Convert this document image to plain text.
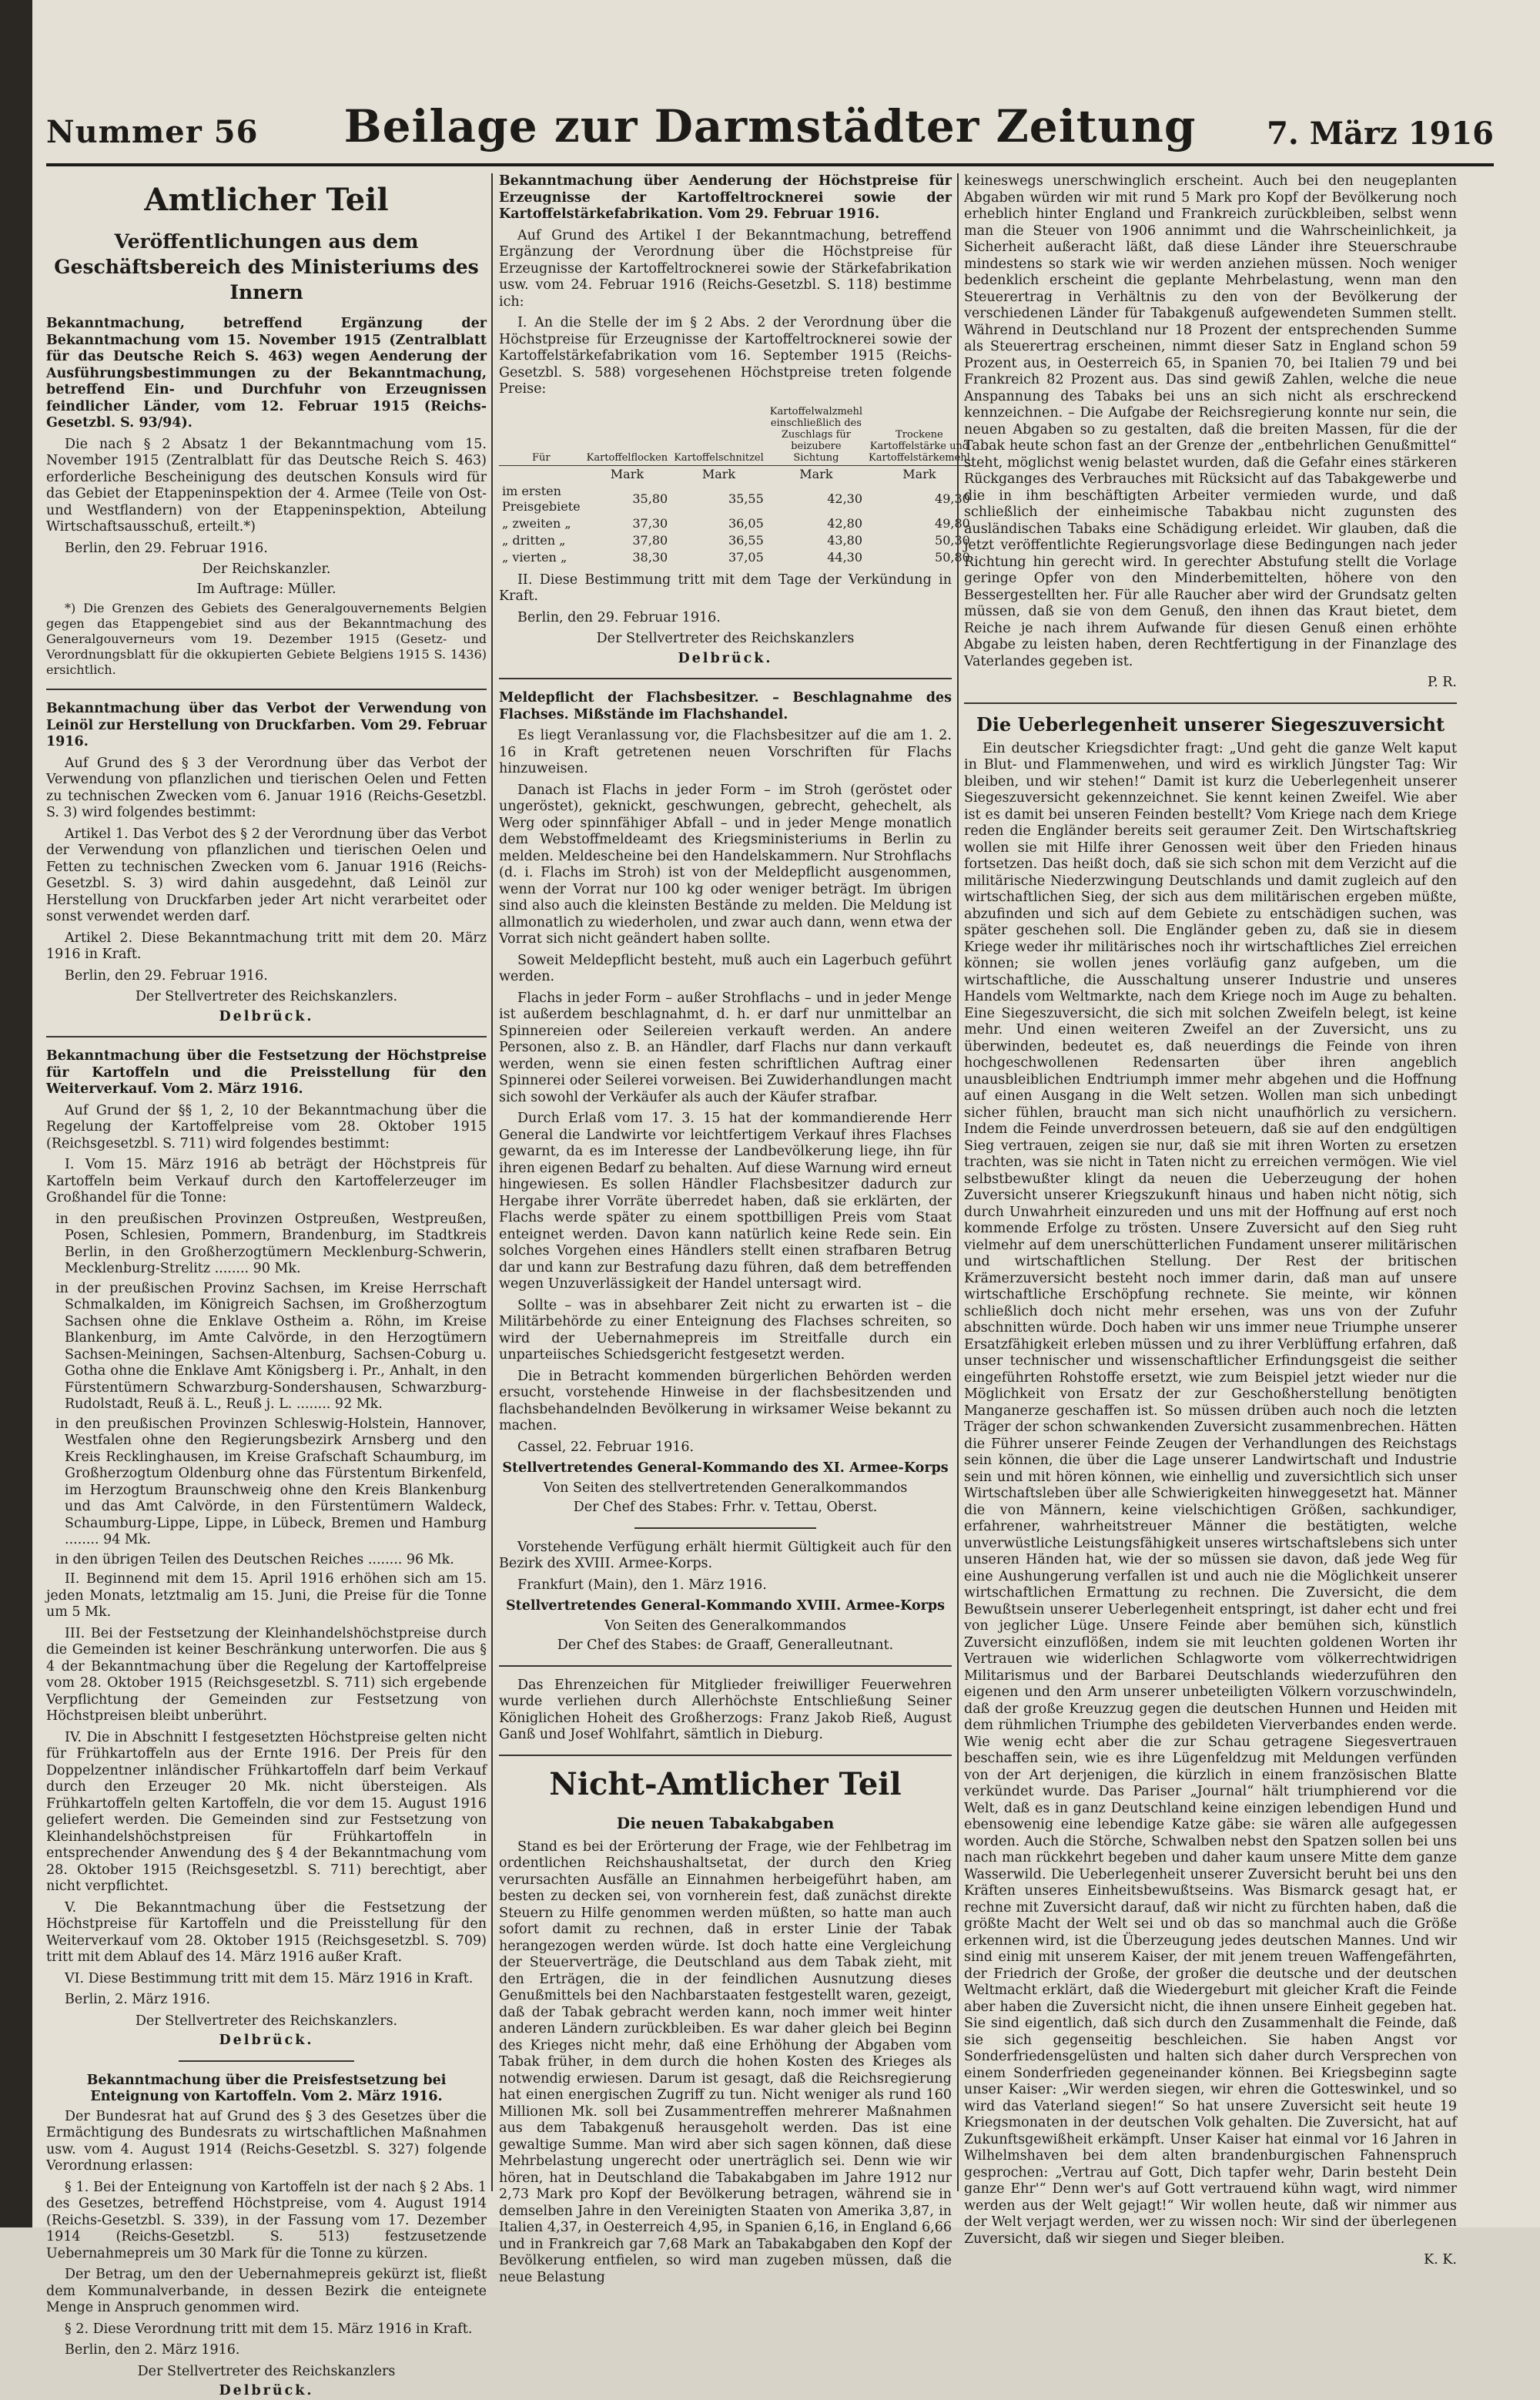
Nummer 56	Beilage zur Darmstädter Zeitung	7. März 1916
Amtlicher Teil
Veröffentlichungen aus dem Geschäftsbereich des Ministeriums des Innern
Bekanntmachung, betreffend Ergänzung der Bekanntmachung vom 15. November 1915 (Zentralblatt für das Deutsche Reich S. 463) wegen Aenderung der Ausführungsbestimmungen zu der Bekanntmachung, betreffend Ein- und Durchfuhr von Erzeugnissen feindlicher Länder, vom 12. Februar 1915 (Reichs-Gesetzbl. S. 93/94).
Die nach § 2 Absatz 1 der Bekanntmachung vom 15. November 1915 (Zentralblatt für das Deutsche Reich S. 463) erforderliche Bescheinigung des deutschen Konsuls wird für das Gebiet der Etappeninspektion der 4. Armee (Teile von Ost- und Westflandern) von der Etappeninspektion, Abteilung Wirtschaftsausschuß, erteilt.*)
Berlin, den 29. Februar 1916.
Der Reichskanzler.
Im Auftrage: Müller.
*) Die Grenzen des Gebiets des Generalgouvernements Belgien gegen das Etappengebiet sind aus der Bekanntmachung des Generalgouverneurs vom 19. Dezember 1915 (Gesetz- und Verordnungsblatt für die okkupierten Gebiete Belgiens 1915 S. 1436) ersichtlich.
Bekanntmachung über das Verbot der Verwendung von Leinöl zur Herstellung von Druckfarben. Vom 29. Februar 1916.
Auf Grund des § 3 der Verordnung über das Verbot der Verwendung von pflanzlichen und tierischen Oelen und Fetten zu technischen Zwecken vom 6. Januar 1916 (Reichs-Gesetzbl. S. 3) wird folgendes bestimmt:
Artikel 1. Das Verbot des § 2 der Verordnung über das Verbot der Verwendung von pflanzlichen und tierischen Oelen und Fetten zu technischen Zwecken vom 6. Januar 1916 (Reichs-Gesetzbl. S. 3) wird dahin ausgedehnt, daß Leinöl zur Herstellung von Druckfarben jeder Art nicht verarbeitet oder sonst verwendet werden darf.
Artikel 2. Diese Bekanntmachung tritt mit dem 20. März 1916 in Kraft.
Berlin, den 29. Februar 1916.
Der Stellvertreter des Reichskanzlers.
Delbrück.
Bekanntmachung über die Festsetzung der Höchstpreise für Kartoffeln und die Preisstellung für den Weiterverkauf. Vom 2. März 1916.
Auf Grund der §§ 1, 2, 10 der Bekanntmachung über die Regelung der Kartoffelpreise vom 28. Oktober 1915 (Reichsgesetzbl. S. 711) wird folgendes bestimmt:
I. Vom 15. März 1916 ab beträgt der Höchstpreis für Kartoffeln beim Verkauf durch den Kartoffelerzeuger im Großhandel für die Tonne:
in den preußischen Provinzen Ostpreußen, Westpreußen, Posen, Schlesien, Pommern, Brandenburg, im Stadtkreis Berlin, in den Großherzogtümern Mecklenburg-Schwerin, Mecklenburg-Strelitz ........ 90 Mk.
in der preußischen Provinz Sachsen, im Kreise Herrschaft Schmalkalden, im Königreich Sachsen, im Großherzogtum Sachsen ohne die Enklave Ostheim a. Röhn, im Kreise Blankenburg, im Amte Calvörde, in den Herzogtümern Sachsen-Meiningen, Sachsen-Altenburg, Sachsen-Coburg u. Gotha ohne die Enklave Amt Königsberg i. Pr., Anhalt, in den Fürstentümern Schwarzburg-Sondershausen, Schwarzburg-Rudolstadt, Reuß ä. L., Reuß j. L. ........ 92 Mk.
in den preußischen Provinzen Schleswig-Holstein, Hannover, Westfalen ohne den Regierungsbezirk Arnsberg und den Kreis Recklinghausen, im Kreise Grafschaft Schaumburg, im Großherzogtum Oldenburg ohne das Fürstentum Birkenfeld, im Herzogtum Braunschweig ohne den Kreis Blankenburg und das Amt Calvörde, in den Fürstentümern Waldeck, Schaumburg-Lippe, Lippe, in Lübeck, Bremen und Hamburg ........ 94 Mk.
in den übrigen Teilen des Deutschen Reiches ........ 96 Mk.
II. Beginnend mit dem 15. April 1916 erhöhen sich am 15. jeden Monats, letztmalig am 15. Juni, die Preise für die Tonne um 5 Mk.
III. Bei der Festsetzung der Kleinhandelshöchstpreise durch die Gemeinden ist keiner Beschränkung unterworfen. Die aus § 4 der Bekanntmachung über die Regelung der Kartoffelpreise vom 28. Oktober 1915 (Reichsgesetzbl. S. 711) sich ergebende Verpflichtung der Gemeinden zur Festsetzung von Höchstpreisen bleibt unberührt.
IV. Die in Abschnitt I festgesetzten Höchstpreise gelten nicht für Frühkartoffeln aus der Ernte 1916. Der Preis für den Doppelzentner inländischer Frühkartoffeln darf beim Verkauf durch den Erzeuger 20 Mk. nicht übersteigen. Als Frühkartoffeln gelten Kartoffeln, die vor dem 15. August 1916 geliefert werden. Die Gemeinden sind zur Festsetzung von Kleinhandelshöchstpreisen für Frühkartoffeln in entsprechender Anwendung des § 4 der Bekanntmachung vom 28. Oktober 1915 (Reichsgesetzbl. S. 711) berechtigt, aber nicht verpflichtet.
V. Die Bekanntmachung über die Festsetzung der Höchstpreise für Kartoffeln und die Preisstellung für den Weiterverkauf vom 28. Oktober 1915 (Reichsgesetzbl. S. 709) tritt mit dem Ablauf des 14. März 1916 außer Kraft.
VI. Diese Bestimmung tritt mit dem 15. März 1916 in Kraft.
Berlin, 2. März 1916.
Der Stellvertreter des Reichskanzlers.
Delbrück.
Bekanntmachung über die Preisfestsetzung bei Enteignung von Kartoffeln. Vom 2. März 1916.
Der Bundesrat hat auf Grund des § 3 des Gesetzes über die Ermächtigung des Bundesrats zu wirtschaftlichen Maßnahmen usw. vom 4. August 1914 (Reichs-Gesetzbl. S. 327) folgende Verordnung erlassen:
§ 1. Bei der Enteignung von Kartoffeln ist der nach § 2 Abs. 1 des Gesetzes, betreffend Höchstpreise, vom 4. August 1914 (Reichs-Gesetzbl. S. 339), in der Fassung vom 17. Dezember 1914 (Reichs-Gesetzbl. S. 513) festzusetzende Uebernahmepreis um 30 Mark für die Tonne zu kürzen.
Der Betrag, um den der Uebernahmepreis gekürzt ist, fließt dem Kommunalverbande, in dessen Bezirk die enteignete Menge in Anspruch genommen wird.
§ 2. Diese Verordnung tritt mit dem 15. März 1916 in Kraft.
Berlin, den 2. März 1916.
Der Stellvertreter des Reichskanzlers
Delbrück.
Bekanntmachung über Aenderung der Höchstpreise für Erzeugnisse der Kartoffeltrocknerei sowie der Kartoffelstärkefabrikation. Vom 29. Februar 1916.
Auf Grund des Artikel I der Bekanntmachung, betreffend Ergänzung der Verordnung über die Höchstpreise für Erzeugnisse der Kartoffeltrocknerei sowie der Stärkefabrikation usw. vom 24. Februar 1916 (Reichs-Gesetzbl. S. 118) bestimme ich:
I. An die Stelle der im § 2 Abs. 2 der Verordnung über die Höchstpreise für Erzeugnisse der Kartoffeltrocknerei sowie der Kartoffelstärkefabrikation vom 16. September 1915 (Reichs-Gesetzbl. S. 588) vorgesehenen Höchstpreise treten folgende Preise:
Für	Kartoffelflocken	Kartoffelschnitzel	Kartoffelwalzmehl einschließlich des Zuschlags für beizubere Sichtung	Trockene Kartoffelstärke und Kartoffelstärkemehl
	Mark	Mark	Mark	Mark
im ersten Preisgebiete	35,80	35,55	42,30	49,30
„ zweiten „	37,30	36,05	42,80	49,80
„ dritten „	37,80	36,55	43,80	50,30
„ vierten „	38,30	37,05	44,30	50,80
II. Diese Bestimmung tritt mit dem Tage der Verkündung in Kraft.
Berlin, den 29. Februar 1916.
Der Stellvertreter des Reichskanzlers
Delbrück.
Meldepflicht der Flachsbesitzer. – Beschlagnahme des Flachses. Mißstände im Flachshandel.
Es liegt Veranlassung vor, die Flachsbesitzer auf die am 1. 2. 16 in Kraft getretenen neuen Vorschriften für Flachs hinzuweisen.
Danach ist Flachs in jeder Form – im Stroh (geröstet oder ungeröstet), geknickt, geschwungen, gebrecht, gehechelt, als Werg oder spinnfähiger Abfall – und in jeder Menge monatlich dem Webstoffmeldeamt des Kriegsministeriums in Berlin zu melden. Meldescheine bei den Handelskammern. Nur Strohflachs (d. i. Flachs im Stroh) ist von der Meldepflicht ausgenommen, wenn der Vorrat nur 100 kg oder weniger beträgt. Im übrigen sind also auch die kleinsten Bestände zu melden. Die Meldung ist allmonatlich zu wiederholen, und zwar auch dann, wenn etwa der Vorrat sich nicht geändert haben sollte.
Soweit Meldepflicht besteht, muß auch ein Lagerbuch geführt werden.
Flachs in jeder Form – außer Strohflachs – und in jeder Menge ist außerdem beschlagnahmt, d. h. er darf nur unmittelbar an Spinnereien oder Seilereien verkauft werden. An andere Personen, also z. B. an Händler, darf Flachs nur dann verkauft werden, wenn sie einen festen schriftlichen Auftrag einer Spinnerei oder Seilerei vorweisen. Bei Zuwiderhandlungen macht sich sowohl der Verkäufer als auch der Käufer strafbar.
Durch Erlaß vom 17. 3. 15 hat der kommandierende Herr General die Landwirte vor leichtfertigem Verkauf ihres Flachses gewarnt, da es im Interesse der Landbevölkerung liege, ihn für ihren eigenen Bedarf zu behalten. Auf diese Warnung wird erneut hingewiesen. Es sollen Händler Flachsbesitzer dadurch zur Hergabe ihrer Vorräte überredet haben, daß sie erklärten, der Flachs werde später zu einem spottbilligen Preis vom Staat enteignet werden. Davon kann natürlich keine Rede sein. Ein solches Vorgehen eines Händlers stellt einen strafbaren Betrug dar und kann zur Bestrafung dazu führen, daß dem betreffenden wegen Unzuverlässigkeit der Handel untersagt wird.
Sollte – was in absehbarer Zeit nicht zu erwarten ist – die Militärbehörde zu einer Enteignung des Flachses schreiten, so wird der Uebernahmepreis im Streitfalle durch ein unparteiisches Schiedsgericht festgesetzt werden.
Die in Betracht kommenden bürgerlichen Behörden werden ersucht, vorstehende Hinweise in der flachsbesitzenden und flachsbehandelnden Bevölkerung in wirksamer Weise bekannt zu machen.
Cassel, 22. Februar 1916.
Stellvertretendes General-Kommando des XI. Armee-Korps
Von Seiten des stellvertretenden Generalkommandos
Der Chef des Stabes: Frhr. v. Tettau, Oberst.
Vorstehende Verfügung erhält hiermit Gültigkeit auch für den Bezirk des XVIII. Armee-Korps.
Frankfurt (Main), den 1. März 1916.
Stellvertretendes General-Kommando XVIII. Armee-Korps
Von Seiten des Generalkommandos
Der Chef des Stabes: de Graaff, Generalleutnant.
Das Ehrenzeichen für Mitglieder freiwilliger Feuerwehren wurde verliehen durch Allerhöchste Entschließung Seiner Königlichen Hoheit des Großherzogs: Franz Jakob Rieß, August Ganß und Josef Wohlfahrt, sämtlich in Dieburg.
Nicht-Amtlicher Teil
Die neuen Tabakabgaben
Stand es bei der Erörterung der Frage, wie der Fehlbetrag im ordentlichen Reichshaushaltsetat, der durch den Krieg verursachten Ausfälle an Einnahmen herbeigeführt haben, am besten zu decken sei, von vornherein fest, daß zunächst direkte Steuern zu Hilfe genommen werden müßten, so hatte man auch sofort damit zu rechnen, daß in erster Linie der Tabak herangezogen werden würde. Ist doch hatte eine Vergleichung der Steuerverträge, die Deutschland aus dem Tabak zieht, mit den Erträgen, die in der feindlichen Ausnutzung dieses Genußmittels bei den Nachbarstaaten festgestellt waren, gezeigt, daß der Tabak gebracht werden kann, noch immer weit hinter anderen Ländern zurückbleiben. Es war daher gleich bei Beginn des Krieges nicht mehr, daß eine Erhöhung der Abgaben vom Tabak früher, in dem durch die hohen Kosten des Krieges als notwendig erwiesen. Darum ist gesagt, daß die Reichsregierung hat einen energischen Zugriff zu tun. Nicht weniger als rund 160 Millionen Mk. soll bei Zusammentreffen mehrerer Maßnahmen aus dem Tabakgenuß herausgeholt werden. Das ist eine gewaltige Summe. Man wird aber sich sagen können, daß diese Mehrbelastung ungerecht oder unerträglich sei. Denn wie wir hören, hat in Deutschland die Tabakabgaben im Jahre 1912 nur 2,73 Mark pro Kopf der Bevölkerung betragen, während sie in demselben Jahre in den Vereinigten Staaten von Amerika 3,87, in Italien 4,37, in Oesterreich 4,95, in Spanien 6,16, in England 6,66 und in Frankreich gar 7,68 Mark an Tabakabgaben den Kopf der Bevölkerung entfielen, so wird man zugeben müssen, daß die neue Belastung
keineswegs unerschwinglich erscheint. Auch bei den neugeplanten Abgaben würden wir mit rund 5 Mark pro Kopf der Bevölkerung noch erheblich hinter England und Frankreich zurückbleiben, selbst wenn man die Steuer von 1906 annimmt und die Wahrscheinlichkeit, ja Sicherheit außeracht läßt, daß diese Länder ihre Steuerschraube mindestens so stark wie wir werden anziehen müssen. Noch weniger bedenklich erscheint die geplante Mehrbelastung, wenn man den Steuerertrag in Verhältnis zu den von der Bevölkerung der verschiedenen Länder für Tabakgenuß aufgewendeten Summen stellt. Während in Deutschland nur 18 Prozent der entsprechenden Summe als Steuerertrag erscheinen, nimmt dieser Satz in England schon 59 Prozent aus, in Oesterreich 65, in Spanien 70, bei Italien 79 und bei Frankreich 82 Prozent aus. Das sind gewiß Zahlen, welche die neue Anspannung des Tabaks bei uns an sich nicht als erschreckend kennzeichnen. – Die Aufgabe der Reichsregierung konnte nur sein, die neuen Abgaben so zu gestalten, daß die breiten Massen, für die der Tabak heute schon fast an der Grenze der „entbehrlichen Genußmittel“ steht, möglichst wenig belastet wurden, daß die Gefahr eines stärkeren Rückganges des Verbrauches mit Rücksicht auf das Tabakgewerbe und die in ihm beschäftigten Arbeiter vermieden wurde, und daß schließlich der einheimische Tabakbau nicht zugunsten des ausländischen Tabaks eine Schädigung erleidet. Wir glauben, daß die jetzt veröffentlichte Regierungsvorlage diese Bedingungen nach jeder Richtung hin gerecht wird. In gerechter Abstufung stellt die Vorlage geringe Opfer von den Minderbemittelten, höhere von den Bessergestellten her. Für alle Raucher aber wird der Grundsatz gelten müssen, daß sie von dem Genuß, den ihnen das Kraut bietet, dem Reiche je nach ihrem Aufwande für diesen Genuß einen erhöhte Abgabe zu leisten haben, deren Rechtfertigung in der Finanzlage des Vaterlandes gegeben ist.
P. R.
Die Ueberlegenheit unserer Siegeszuversicht
Ein deutscher Kriegsdichter fragt: „Und geht die ganze Welt kaput in Blut- und Flammenwehen, und wird es wirklich Jüngster Tag: Wir bleiben, und wir stehen!“ Damit ist kurz die Ueberlegenheit unserer Siegeszuversicht gekennzeichnet. Sie kennt keinen Zweifel. Wie aber ist es damit bei unseren Feinden bestellt? Vom Kriege nach dem Kriege reden die Engländer bereits seit geraumer Zeit. Den Wirtschaftskrieg wollen sie mit Hilfe ihrer Genossen weit über den Frieden hinaus fortsetzen. Das heißt doch, daß sie sich schon mit dem Verzicht auf die militärische Niederzwingung Deutschlands und damit zugleich auf den wirtschaftlichen Sieg, der sich aus dem militärischen ergeben müßte, abzufinden und sich auf dem Gebiete zu entschädigen suchen, was später geschehen soll. Die Engländer geben zu, daß sie in diesem Kriege weder ihr militärisches noch ihr wirtschaftliches Ziel erreichen können; sie wollen jenes vorläufig ganz aufgeben, um die wirtschaftliche, die Ausschaltung unserer Industrie und unseres Handels vom Weltmarkte, nach dem Kriege noch im Auge zu behalten. Eine Siegeszuversicht, die sich mit solchen Zweifeln belegt, ist keine mehr. Und einen weiteren Zweifel an der Zuversicht, uns zu überwinden, bedeutet es, daß neuerdings die Feinde von ihren hochgeschwollenen Redensarten über ihren angeblich unausbleiblichen Endtriumph immer mehr abgehen und die Hoffnung auf einen Ausgang in die Welt setzen. Wollen man sich unbedingt sicher fühlen, braucht man sich nicht unaufhörlich zu versichern. Indem die Feinde unverdrossen beteuern, daß sie auf den endgültigen Sieg vertrauen, zeigen sie nur, daß sie mit ihren Worten zu ersetzen trachten, was sie nicht in Taten nicht zu erreichen vermögen. Wie viel selbstbewußter klingt da neuen die Ueberzeugung der hohen Zuversicht unserer Kriegszukunft hinaus und haben nicht nötig, sich durch Unwahrheit einzureden und uns mit der Hoffnung auf erst noch kommende Erfolge zu trösten. Unsere Zuversicht auf den Sieg ruht vielmehr auf dem unerschütterlichen Fundament unserer militärischen und wirtschaftlichen Stellung. Der Rest der britischen Krämerzuversicht besteht noch immer darin, daß man auf unsere wirtschaftliche Erschöpfung rechnete. Sie meinte, wir können schließlich doch nicht mehr ersehen, was uns von der Zufuhr abschnitten würde. Doch haben wir uns immer neue Triumphe unserer Ersatzfähigkeit erleben müssen und zu ihrer Verblüffung erfahren, daß unser technischer und wissenschaftlicher Erfindungsgeist die seither eingeführten Rohstoffe ersetzt, wie zum Beispiel jetzt wieder nur die Möglichkeit von Ersatz der zur Geschoßherstellung benötigten Manganerze geschaffen ist. So müssen drüben auch noch die letzten Träger der schon schwankenden Zuversicht zusammenbrechen. Hätten die Führer unserer Feinde Zeugen der Verhandlungen des Reichstags sein können, die über die Lage unserer Landwirtschaft und Industrie sein und mit hören können, wie einhellig und zuversichtlich sich unser Wirtschaftsleben über alle Schwierigkeiten hinweggesetzt hat. Männer die von Männern, keine vielschichtigen Größen, sachkundiger, erfahrener, wahrheitstreuer Männer die bestätigten, welche unverwüstliche Leistungsfähigkeit unseres wirtschaftslebens sich unter unseren Händen hat, wie der so müssen sie davon, daß jede Weg für eine Aushungerung verfallen ist und auch nie die Möglichkeit unserer wirtschaftlichen Ermattung zu rechnen. Die Zuversicht, die dem Bewußtsein unserer Ueberlegenheit entspringt, ist daher echt und frei von jeglicher Lüge. Unsere Feinde aber bemühen sich, künstlich Zuversicht einzuflößen, indem sie mit leuchten goldenen Worten ihr Vertrauen wie widerlichen Schlagworte vom völkerrechtwidrigen Militarismus und der Barbarei Deutschlands wiederzuführen den eigenen und den Arm unserer unbeteiligten Völkern vorzuschwindeln, daß der große Kreuzzug gegen die deutschen Hunnen und Heiden mit dem rühmlichen Triumphe des gebildeten Vierverbandes enden werde. Wie wenig echt aber die zur Schau getragene Siegesvertrauen beschaffen sein, wie es ihre Lügenfeldzug mit Meldungen verfünden von der Art derjenigen, die kürzlich in einem französischen Blatte verkündet wurde. Das Pariser „Journal“ hält triumphierend vor die Welt, daß es in ganz Deutschland keine einzigen lebendigen Hund und ebensowenig eine lebendige Katze gäbe: sie wären alle aufgegessen worden. Auch die Störche, Schwalben nebst den Spatzen sollen bei uns nach man rückkehrt begeben und daher kaum unsere Mitte dem ganze Wasserwild. Die Ueberlegenheit unserer Zuversicht beruht bei uns den Kräften unseres Einheitsbewußtseins. Was Bismarck gesagt hat, er rechne mit Zuversicht darauf, daß wir nicht zu fürchten haben, daß die größte Macht der Welt sei und ob das so manchmal auch die Größe erkennen wird, ist die Überzeugung jedes deutschen Mannes. Und wir sind einig mit unserem Kaiser, der mit jenem treuen Waffengefährten, der Friedrich der Große, der großer die deutsche und der deutschen Weltmacht erklärt, daß die Wiedergeburt mit gleicher Kraft die Feinde aber haben die Zuversicht nicht, die ihnen unsere Einheit gegeben hat. Sie sind eigentlich, daß sich durch den Zusammenhalt die Feinde, daß sie sich gegenseitig beschleichen. Sie haben Angst vor Sonderfriedensgelüsten und halten sich daher durch Versprechen von einem Sonderfrieden gegeneinander können. Bei Kriegsbeginn sagte unser Kaiser: „Wir werden siegen, wir ehren die Gotteswinkel, und so wird das Vaterland siegen!“ So hat unsere Zuversicht seit heute 19 Kriegsmonaten in der deutschen Volk gehalten. Die Zuversicht, hat auf Zukunftsgewißheit erkämpft. Unser Kaiser hat einmal vor 16 Jahren in Wilhelmshaven bei dem alten brandenburgischen Fahnenspruch gesprochen: „Vertrau auf Gott, Dich tapfer wehr, Darin besteht Dein ganze Ehr'“ Denn wer's auf Gott vertrauend kühn wagt, wird nimmer werden aus der Welt gejagt!“ Wir wollen heute, daß wir nimmer aus der Welt verjagt werden, wer zu wissen noch: Wir sind der überlegenen Zuversicht, daß wir siegen und Sieger bleiben.
K. K.
